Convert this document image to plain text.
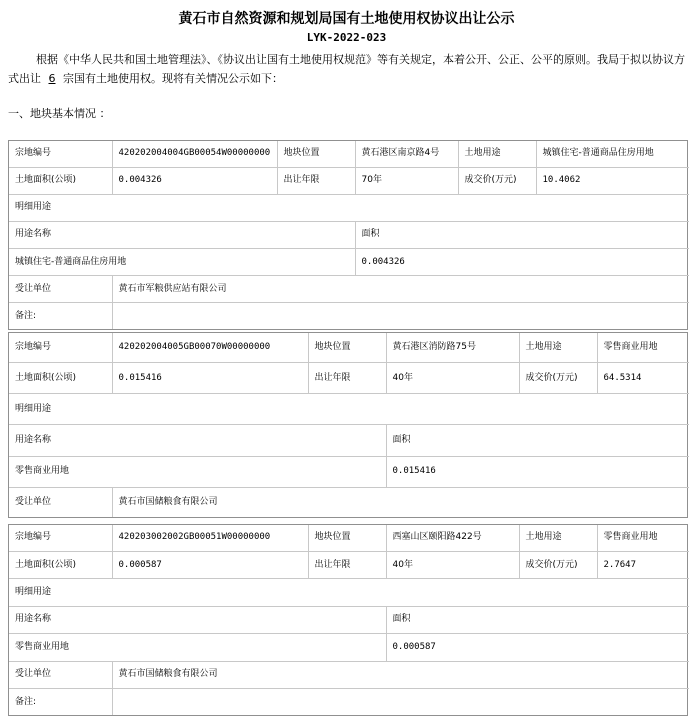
黄石市自然资源和规划局国有土地使用权协议出让公示
LYK-2022-023
根据《中华人民共和国土地管理法》、《协议出让国有土地使用权规范》等有关规定，本着公开、公正、公平的原则。我局于拟以协议方式出让 6 宗国有土地使用权。现将有关情况公示如下：
一、地块基本情况 ：
宗地编号	420202004004GB00054W00000000	地块位置	黄石港区南京路4号	土地用途	城镇住宅-普通商品住房用地
土地面积(公顷)	0.004326	出让年限	70年	成交价(万元)	10.4062
明细用途					
用途名称			面积		
城镇住宅-普通商品住房用地			0.004326		
受让单位	黄石市军粮供应站有限公司				
备注:					
宗地编号	420202004005GB00070W00000000	地块位置	黄石港区消防路75号	土地用途	零售商业用地
土地面积(公顷)	0.015416	出让年限	40年	成交价(万元)	64.5314
明细用途					
用途名称			面积		
零售商业用地			0.015416		
受让单位	黄石市国储粮食有限公司				
宗地编号	420203002002GB00051W00000000	地块位置	西塞山区颐阳路422号	土地用途	零售商业用地
土地面积(公顷)	0.000587	出让年限	40年	成交价(万元)	2.7647
明细用途					
用途名称			面积		
零售商业用地			0.000587		
受让单位	黄石市国储粮食有限公司				
备注:					
